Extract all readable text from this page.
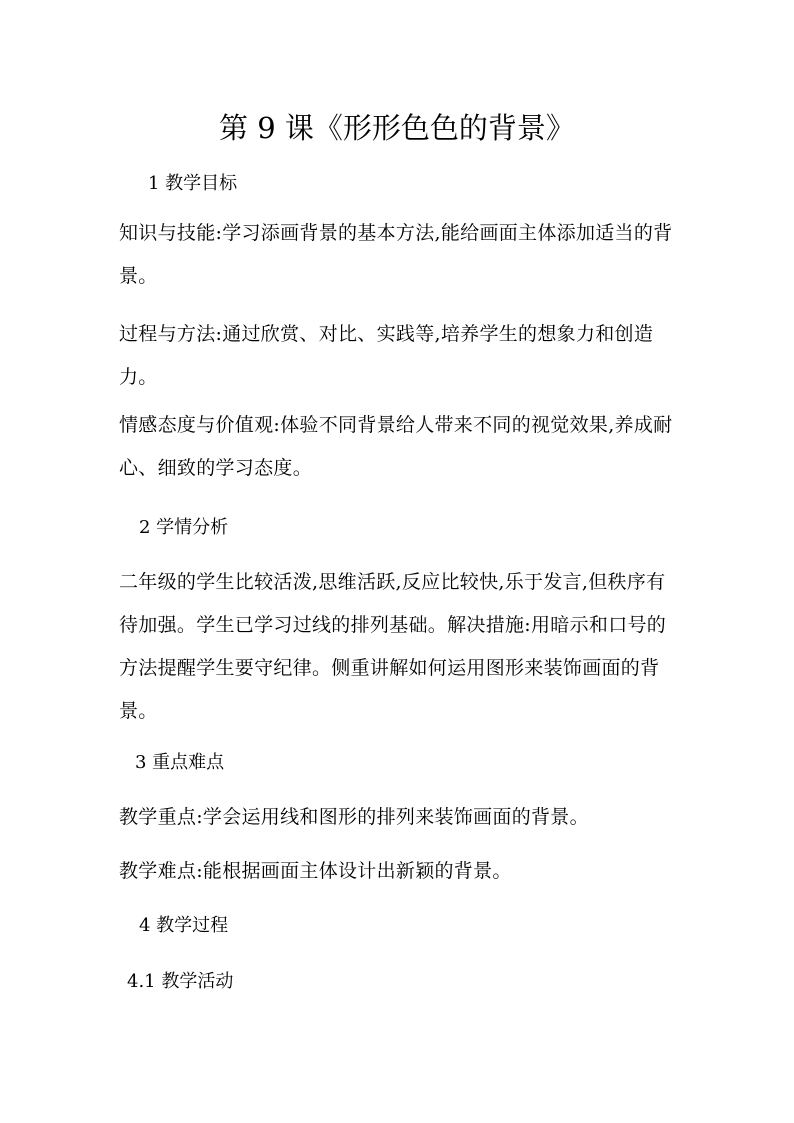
第 9 课《形形色色的背景》
1 教学目标
知识与技能:学习添画背景的基本方法,能给画面主体添加适当的背景。
过程与方法:通过欣赏、对比、实践等,培养学生的想象力和创造力。
情感态度与价值观:体验不同背景给人带来不同的视觉效果,养成耐心、细致的学习态度。
2 学情分析
二年级的学生比较活泼,思维活跃,反应比较快,乐于发言,但秩序有待加强。学生已学习过线的排列基础。解决措施:用暗示和口号的方法提醒学生要守纪律。侧重讲解如何运用图形来装饰画面的背景。
3 重点难点
教学重点:学会运用线和图形的排列来装饰画面的背景。
教学难点:能根据画面主体设计出新颖的背景。
4 教学过程
4.1 教学活动
